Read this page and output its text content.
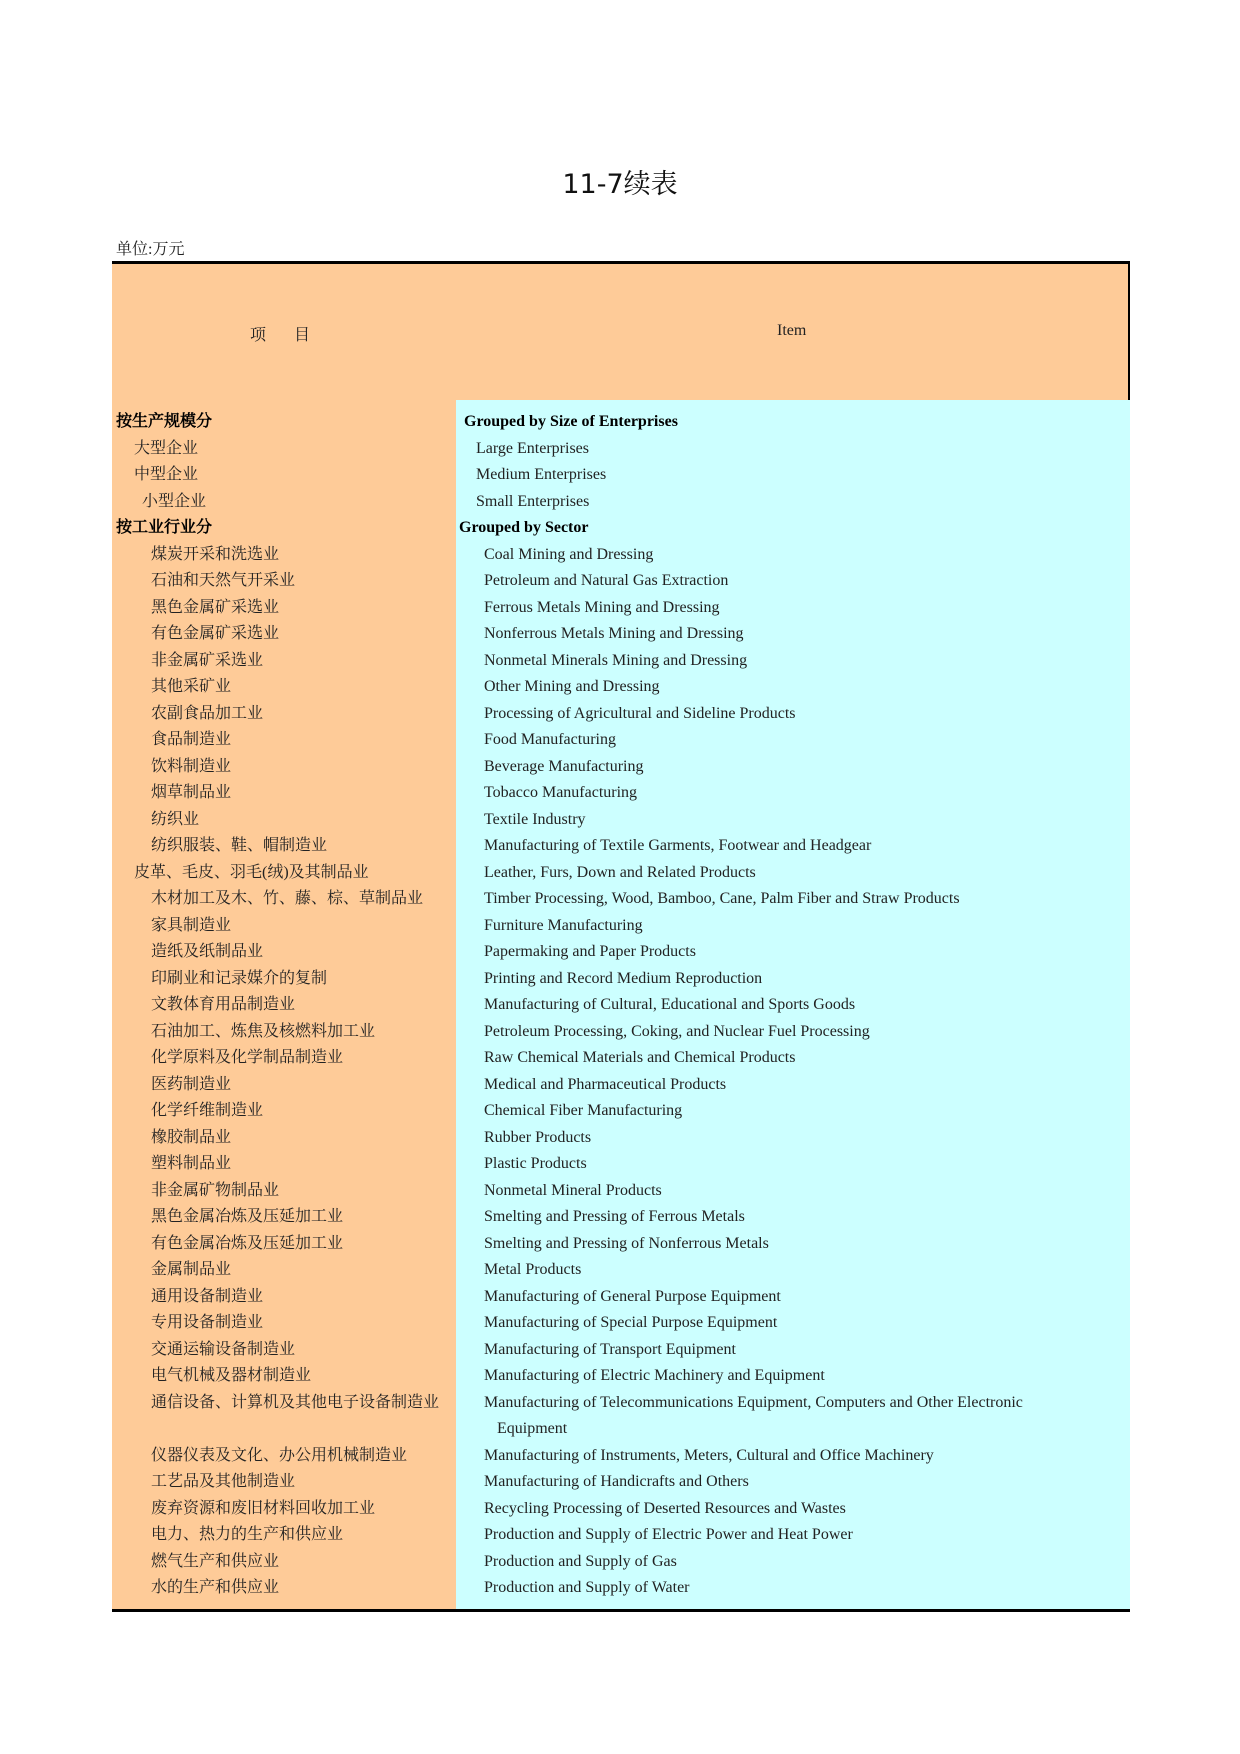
11-7续表
单位:万元
项 目	Item
按生产规模分	Grouped by Size of Enterprises
大型企业	Large Enterprises
中型企业	Medium Enterprises
小型企业	Small Enterprises
按工业行业分	Grouped by Sector
煤炭开采和洗选业	Coal Mining and Dressing
石油和天然气开采业	Petroleum and Natural Gas Extraction
黑色金属矿采选业	Ferrous Metals Mining and Dressing
有色金属矿采选业	Nonferrous Metals Mining and Dressing
非金属矿采选业	Nonmetal Minerals Mining and Dressing
其他采矿业	Other Mining and Dressing
农副食品加工业	Processing of Agricultural and Sideline Products
食品制造业	Food Manufacturing
饮料制造业	Beverage Manufacturing
烟草制品业	Tobacco Manufacturing
纺织业	Textile Industry
纺织服装、鞋、帽制造业	Manufacturing of Textile Garments, Footwear and Headgear
皮革、毛皮、羽毛(绒)及其制品业	Leather, Furs, Down and Related Products
木材加工及木、竹、藤、棕、草制品业	Timber Processing, Wood, Bamboo, Cane, Palm Fiber and Straw Products
家具制造业	Furniture Manufacturing
造纸及纸制品业	Papermaking and Paper Products
印刷业和记录媒介的复制	Printing and Record Medium Reproduction
文教体育用品制造业	Manufacturing of Cultural, Educational and Sports Goods
石油加工、炼焦及核燃料加工业	Petroleum Processing, Coking, and Nuclear Fuel Processing
化学原料及化学制品制造业	Raw Chemical Materials and Chemical Products
医药制造业	Medical and Pharmaceutical Products
化学纤维制造业	Chemical Fiber Manufacturing
橡胶制品业	Rubber Products
塑料制品业	Plastic Products
非金属矿物制品业	Nonmetal Mineral Products
黑色金属冶炼及压延加工业	Smelting and Pressing of Ferrous Metals
有色金属冶炼及压延加工业	Smelting and Pressing of Nonferrous Metals
金属制品业	Metal Products
通用设备制造业	Manufacturing of General Purpose Equipment
专用设备制造业	Manufacturing of Special Purpose Equipment
交通运输设备制造业	Manufacturing of Transport Equipment
电气机械及器材制造业	Manufacturing of Electric Machinery and Equipment
通信设备、计算机及其他电子设备制造业	Manufacturing of Telecommunications Equipment, Computers and Other Electronic
Equipment
仪器仪表及文化、办公用机械制造业	Manufacturing of Instruments, Meters, Cultural and Office Machinery
工艺品及其他制造业	Manufacturing of Handicrafts and Others
废弃资源和废旧材料回收加工业	Recycling Processing of Deserted Resources and Wastes
电力、热力的生产和供应业	Production and Supply of Electric Power and Heat Power
燃气生产和供应业	Production and Supply of Gas
水的生产和供应业	Production and Supply of Water
